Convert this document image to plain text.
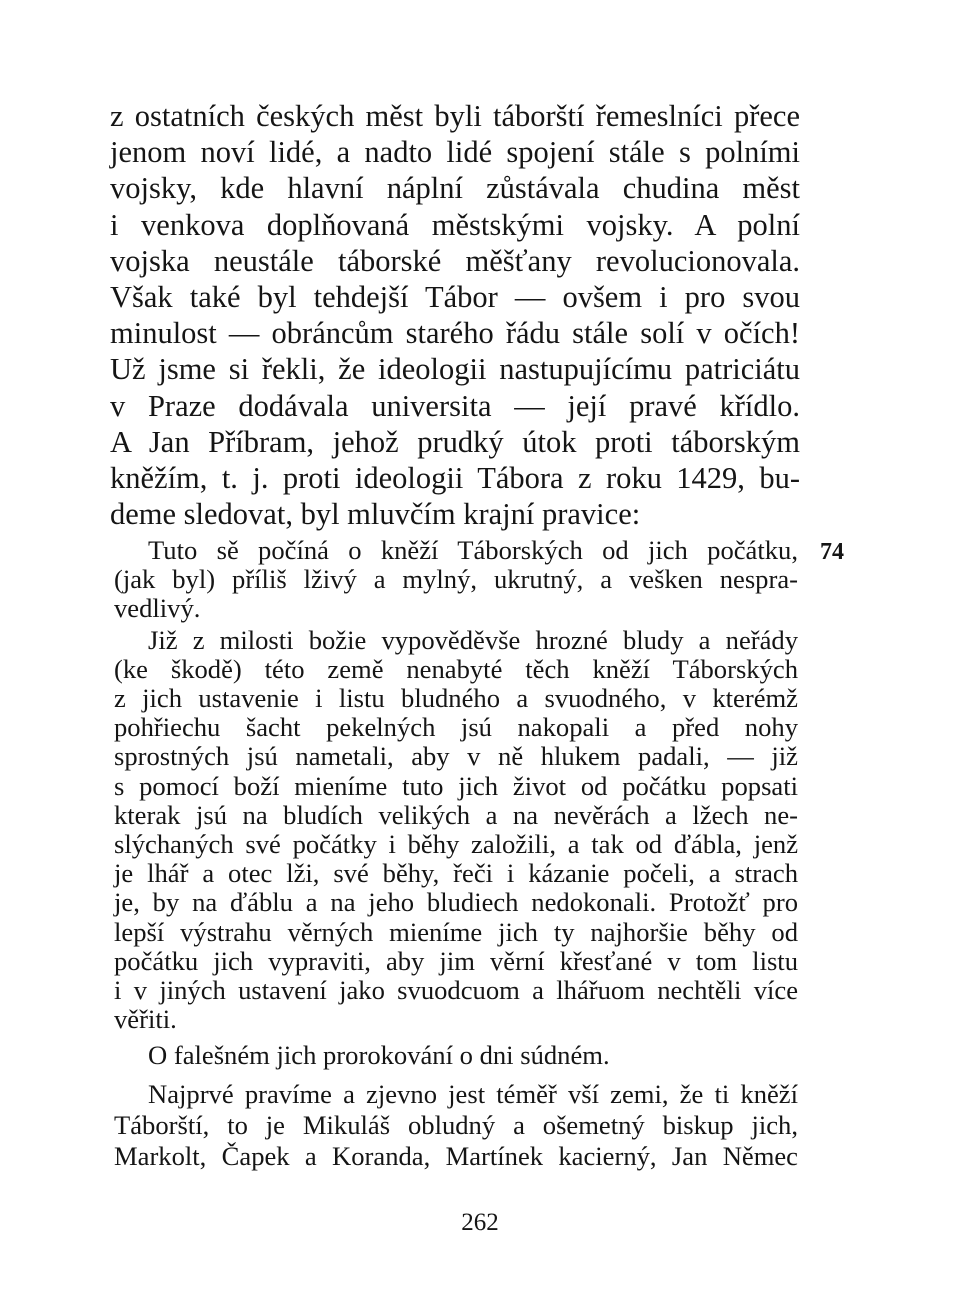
z ostatních českých měst byli táborští řemeslníci přece
jenom noví lidé, a nadto lidé spojení stále s polními
vojsky, kde hlavní náplní zůstávala chudina měst
i venkova doplňovaná městskými vojsky. A polní
vojska neustále táborské měšťany revolucionovala.
Však také byl tehdejší Tábor — ovšem i pro svou
minulost — obráncům starého řádu stále solí v očích!
Už jsme si řekli, že ideologii nastupujícímu patriciátu
v Praze dodávala universita — její pravé křídlo.
A Jan Příbram, jehož prudký útok proti táborským
kněžím, t. j. proti ideologii Tábora z roku 1429, bu-
deme sledovat, byl mluvčím krajní pravice:
Tuto sě počíná o kněží Táborských od jich počátku,
(jak byl) příliš lživý a mylný, ukrutný, a vešken nespra-
vedlivý.
Již z milosti božie vypověděvše hrozné bludy a neřády
(ke škodě) této země nenabyté těch kněží Táborských
z jich ustavenie i listu bludného a svuodného, v kterémž
pohřiechu šacht pekelných jsú nakopali a před nohy
sprostných jsú nametali, aby v ně hlukem padali, — již
s pomocí boží mieníme tuto jich život od počátku popsati
kterak jsú na bludích velikých a na nevěrách a lžech ne-
slýchaných své počátky i běhy založili, a tak od ďábla, jenž
je lhář a otec lži, své běhy, řeči i kázanie počeli, a strach
je, by na ďáblu a na jeho bludiech nedokonali. Protožť pro
lepší výstrahu věrných mieníme jich ty najhoršie běhy od
počátku jich vypraviti, aby jim věrní křesťané v tom listu
i v jiných ustavení jako svuodcuom a lhářuom nechtěli více
věřiti.
O falešném jich prorokování o dni súdném.
Najprvé pravíme a zjevno jest téměř vší zemi, že ti kněží
Táborští, to je Mikuláš obludný a ošemetný biskup jich,
Markolt, Čapek a Koranda, Martínek kacierný, Jan Němec
74
262
